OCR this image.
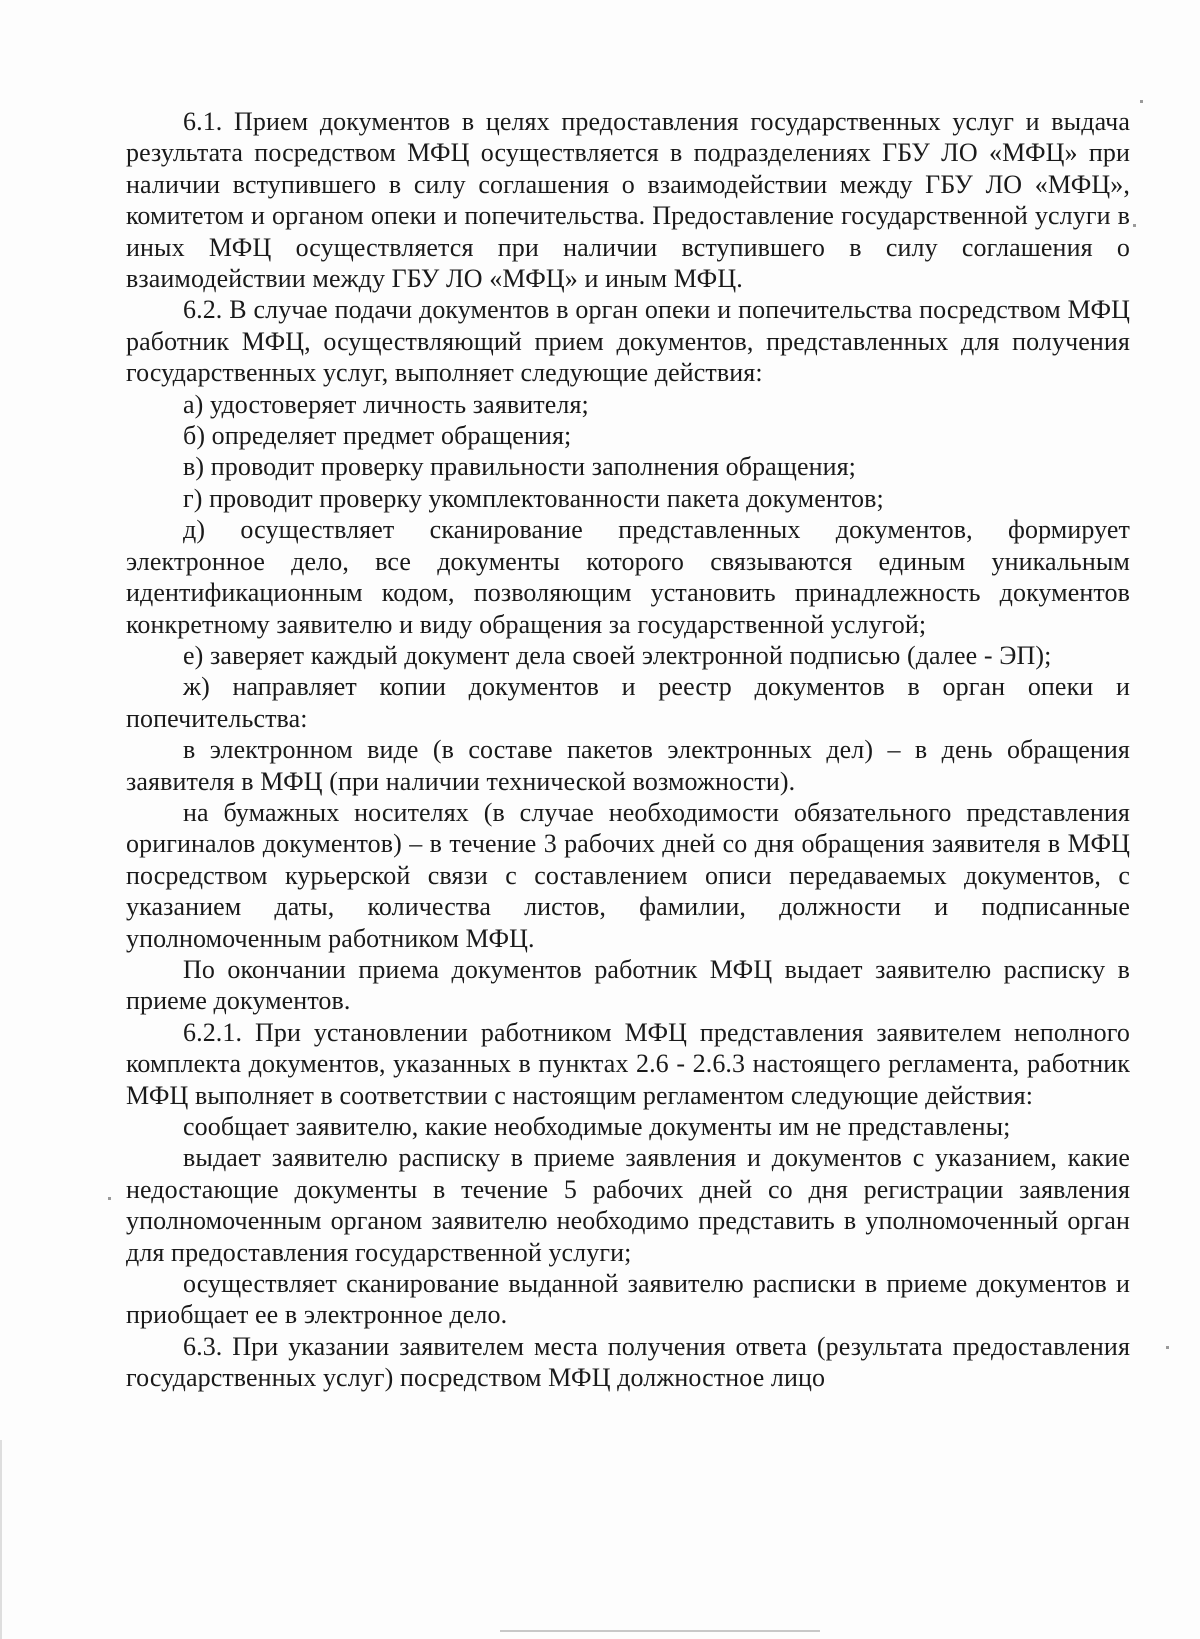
6.1. Прием документов в целях предоставления государственных услуг и выдача результата посредством МФЦ осуществляется в подразделениях ГБУ ЛО «МФЦ» при наличии вступившего в силу соглашения о взаимодействии между ГБУ ЛО «МФЦ», комитетом и органом опеки и попечительства. Предоставление государственной услуги в иных МФЦ осуществляется при наличии вступившего в силу соглашения о взаимодействии между ГБУ ЛО «МФЦ» и иным МФЦ.

6.2. В случае подачи документов в орган опеки и попечительства посредством МФЦ работник МФЦ, осуществляющий прием документов, представленных для получения государственных услуг, выполняет следующие действия:

а) удостоверяет личность заявителя;

б) определяет предмет обращения;

в) проводит проверку правильности заполнения обращения;

г) проводит проверку укомплектованности пакета документов;

д) осуществляет сканирование представленных документов, формирует электронное дело, все документы которого связываются единым уникальным идентификационным кодом, позволяющим установить принадлежность документов конкретному заявителю и виду обращения за государственной услугой;

е) заверяет каждый документ дела своей электронной подписью (далее - ЭП);

ж) направляет копии документов и реестр документов в орган опеки и попечительства:

в электронном виде (в составе пакетов электронных дел) – в день обращения заявителя в МФЦ (при наличии технической возможности).

на бумажных носителях (в случае необходимости обязательного представления оригиналов документов) – в течение 3 рабочих дней со дня обращения заявителя в МФЦ посредством курьерской связи с составлением описи передаваемых документов, с указанием даты, количества листов, фамилии, должности и подписанные уполномоченным работником МФЦ.

По окончании приема документов работник МФЦ выдает заявителю расписку в приеме документов.

6.2.1. При установлении работником МФЦ представления заявителем неполного комплекта документов, указанных в пунктах 2.6 - 2.6.3 настоящего регламента, работник МФЦ выполняет в соответствии с настоящим регламентом следующие действия:

сообщает заявителю, какие необходимые документы им не представлены;

выдает заявителю расписку в приеме заявления и документов с указанием, какие недостающие документы в течение 5 рабочих дней со дня регистрации заявления уполномоченным органом заявителю необходимо представить в уполномоченный орган для предоставления государственной услуги;

осуществляет сканирование выданной заявителю расписки в приеме документов и приобщает ее в электронное дело.

6.3. При указании заявителем места получения ответа (результата предоставления государственных услуг) посредством МФЦ должностное лицо
